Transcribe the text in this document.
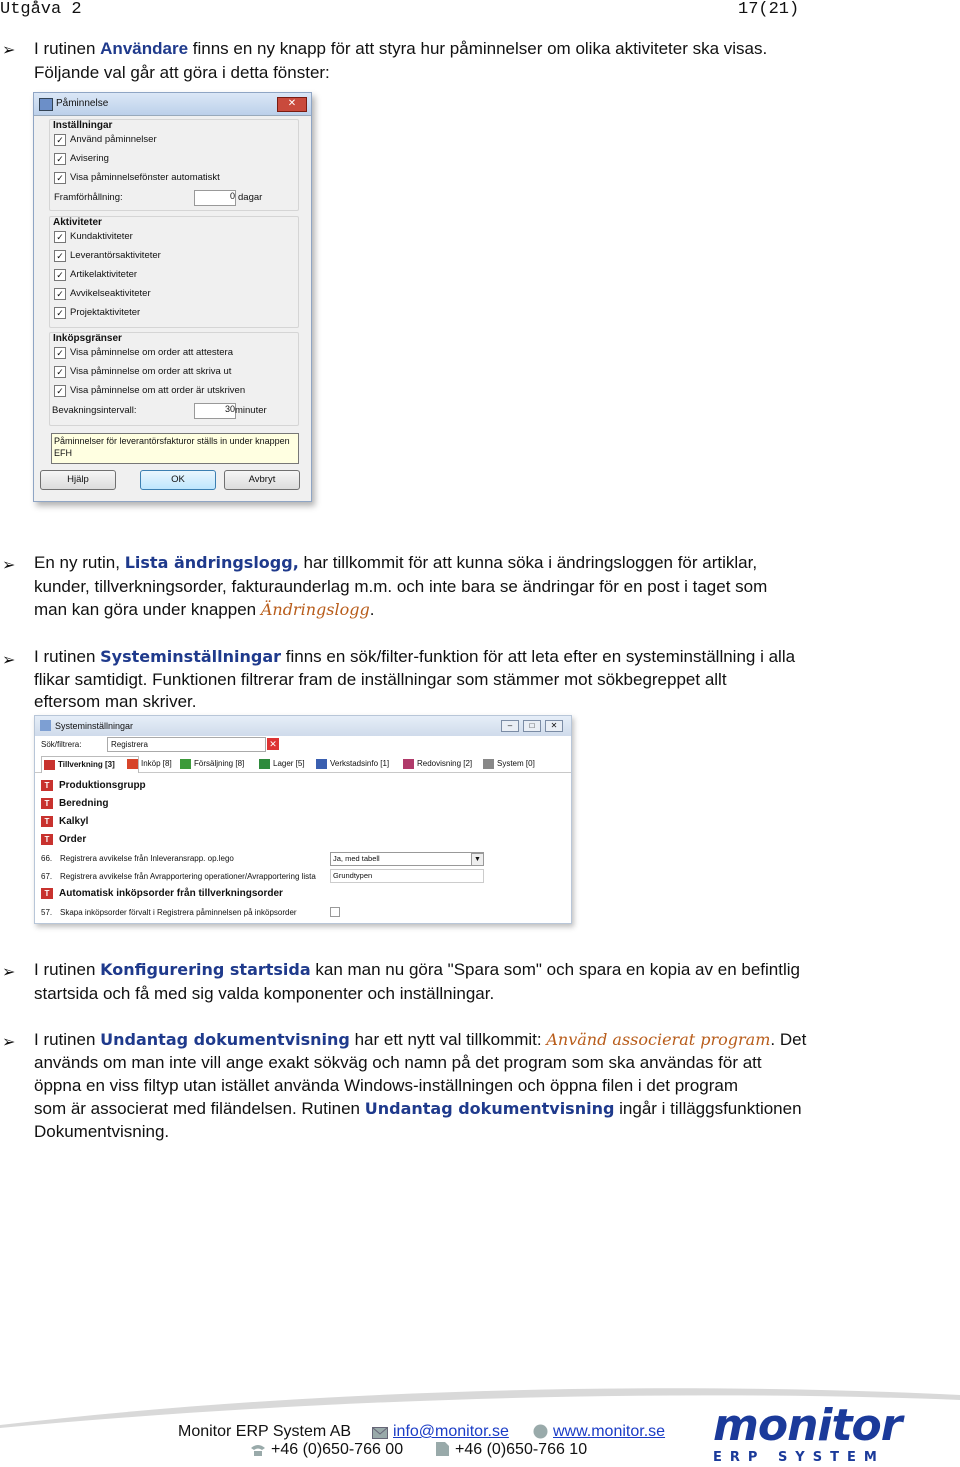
Utgåva 2	17(21)
➢ I rutinen Användare finns en ny knapp för att styra hur påminnelser om olika aktiviteter ska visas.
Följande val går att göra i detta fönster:
Påminnelse	✕
Inställningar
✓ Använd påminnelser
✓ Avisering
✓ Visa påminnelsefönster automatiskt
Framförhållning:	0 dagar
Aktiviteter
✓ Kundaktiviteter
✓ Leverantörsaktiviteter
✓ Artikelaktiviteter
✓ Avvikelseaktiviteter
✓ Projektaktiviteter
Inköpsgränser
✓ Visa påminnelse om order att attestera
✓ Visa påminnelse om order att skriva ut
✓ Visa påminnelse om att order är utskriven
Bevakningsintervall:	30 minuter
Påminnelser för leverantörsfakturor ställs in under knappen EFH
Hjälp	OK	Avbryt
➢ En ny rutin, Lista ändringslogg, har tillkommit för att kunna söka i ändringsloggen för artiklar,
kunder, tillverkningsorder, fakturaunderlag m.m. och inte bara se ändringar för en post i taget som
man kan göra under knappen Ändringslogg.
➢ I rutinen Systeminställningar finns en sök/filter-funktion för att leta efter en systeminställning i alla
flikar samtidigt. Funktionen filtrerar fram de inställningar som stämmer mot sökbegreppet allt
eftersom man skriver.
Systeminställningar	–	□	✕
Sök/filtrera:	Registrera	✕
Tillverkning [3]	Inköp [8]	Försäljning [8]	Lager [5]	Verkstadsinfo [1]	Redovisning [2]	System [0]
T Produktionsgrupp
T Beredning
T Kalkyl
T Order
66. Registrera avvikelse från Inleveransrapp. op.lego	Ja, med tabell	▼
67. Registrera avvikelse från Avrapportering operationer/Avrapportering lista	Grundtypen
T Automatisk inköpsorder från tillverkningsorder
57. Skapa inköpsorder förvalt i Registrera påminnelsen på inköpsorder
➢ I rutinen Konfigurering startsida kan man nu göra "Spara som" och spara en kopia av en befintlig
startsida och få med sig valda komponenter och inställningar.
➢ I rutinen Undantag dokumentvisning har ett nytt val tillkommit: Använd associerat program. Det
används om man inte vill ange exakt sökväg och namn på det program som ska användas för att
öppna en viss filtyp utan istället använda Windows-inställningen och öppna filen i det program
som är associerat med filändelsen. Rutinen Undantag dokumentvisning ingår i tilläggsfunktionen
Dokumentvisning.
Monitor ERP System AB	info@monitor.se	www.monitor.se
+46 (0)650-766 00	+46 (0)650-766 10	monitor
ERP SYSTEM
